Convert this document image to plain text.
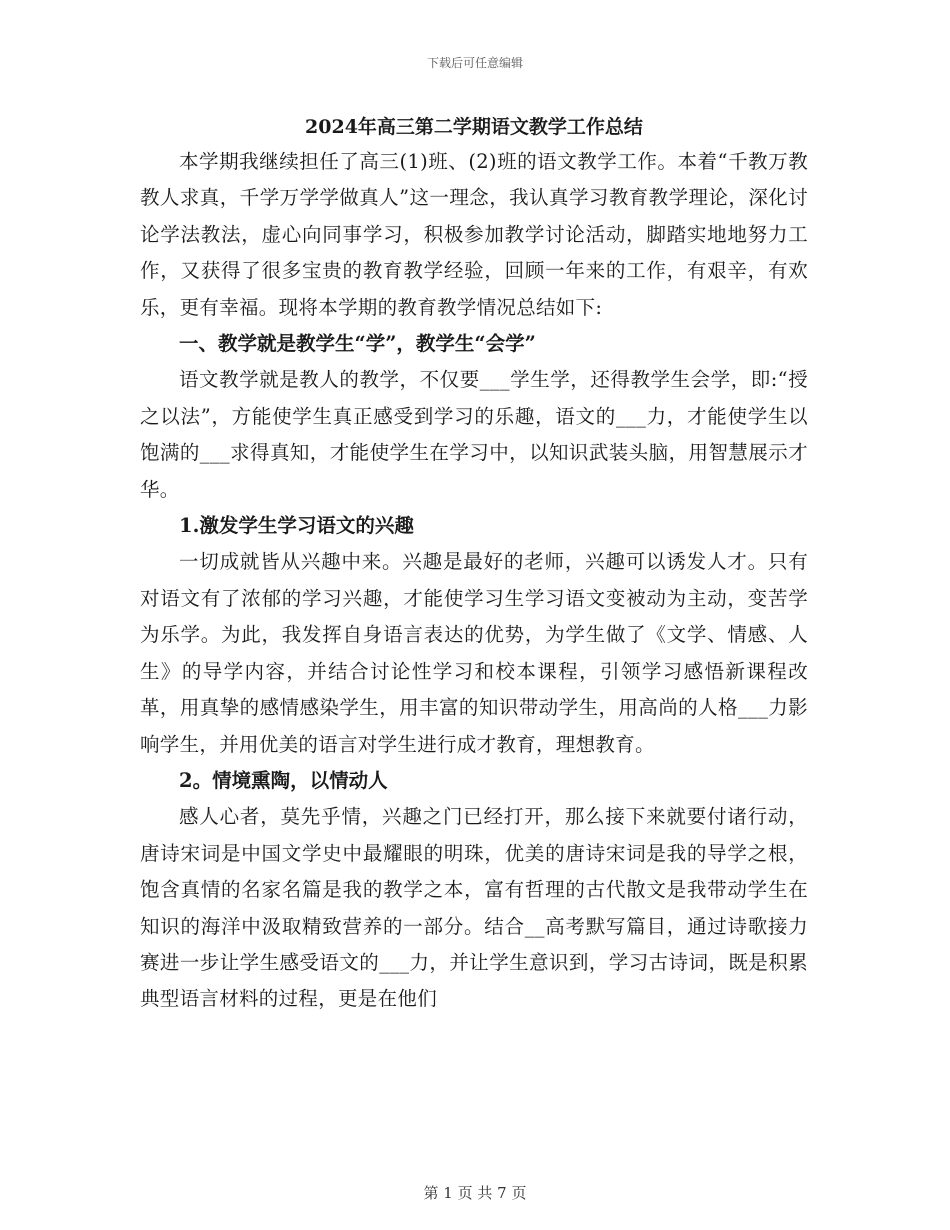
下载后可任意编辑
2024年高三第二学期语文教学工作总结

本学期我继续担任了高三(1)班、(2)班的语文教学工作。本着“千教万教教人求真，千学万学学做真人”这一理念，我认真学习教育教学理论，深化讨论学法教法，虚心向同事学习，积极参加教学讨论活动，脚踏实地地努力工作，又获得了很多宝贵的教育教学经验，回顾一年来的工作，有艰辛，有欢乐，更有幸福。现将本学期的教育教学情况总结如下:

一、教学就是教学生“学”，教学生“会学”

语文教学就是教人的教学，不仅要___学生学，还得教学生会学，即:“授之以法”，方能使学生真正感受到学习的乐趣，语文的___力，才能使学生以饱满的___求得真知，才能使学生在学习中，以知识武装头脑，用智慧展示才华。

1.激发学生学习语文的兴趣

一切成就皆从兴趣中来。兴趣是最好的老师，兴趣可以诱发人才。只有对语文有了浓郁的学习兴趣，才能使学习生学习语文变被动为主动，变苦学为乐学。为此，我发挥自身语言表达的优势，为学生做了《文学、情感、人生》的导学内容，并结合讨论性学习和校本课程，引领学习感悟新课程改革，用真挚的感情感染学生，用丰富的知识带动学生，用高尚的人格___力影响学生，并用优美的语言对学生进行成才教育，理想教育。

2。情境熏陶，以情动人

感人心者，莫先乎情，兴趣之门已经打开，那么接下来就要付诸行动，唐诗宋词是中国文学史中最耀眼的明珠，优美的唐诗宋词是我的导学之根，饱含真情的名家名篇是我的教学之本，富有哲理的古代散文是我带动学生在知识的海洋中汲取精致营养的一部分。结合__高考默写篇目，通过诗歌接力赛进一步让学生感受语文的___力，并让学生意识到，学习古诗词，既是积累典型语言材料的过程，更是在他们

第 1 页 共 7 页
